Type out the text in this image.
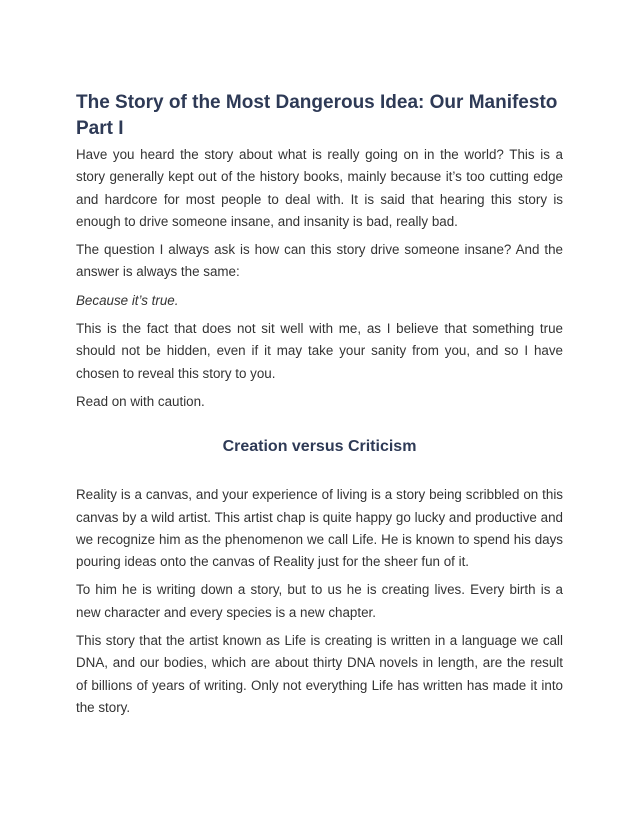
The Story of the Most Dangerous Idea: Our Manifesto Part I

Have you heard the story about what is really going on in the world? This is a story generally kept out of the history books, mainly because it’s too cutting edge and hardcore for most people to deal with. It is said that hearing this story is enough to drive someone insane, and insanity is bad, really bad.

The question I always ask is how can this story drive someone insane? And the answer is always the same:

Because it’s true.

This is the fact that does not sit well with me, as I believe that something true should not be hidden, even if it may take your sanity from you, and so I have chosen to reveal this story to you.

Read on with caution.

Creation versus Criticism

Reality is a canvas, and your experience of living is a story being scribbled on this canvas by a wild artist. This artist chap is quite happy go lucky and productive and we recognize him as the phenomenon we call Life. He is known to spend his days pouring ideas onto the canvas of Reality just for the sheer fun of it.

To him he is writing down a story, but to us he is creating lives. Every birth is a new character and every species is a new chapter.

This story that the artist known as Life is creating is written in a language we call DNA, and our bodies, which are about thirty DNA novels in length, are the result of billions of years of writing. Only not everything Life has written has made it into the story.
